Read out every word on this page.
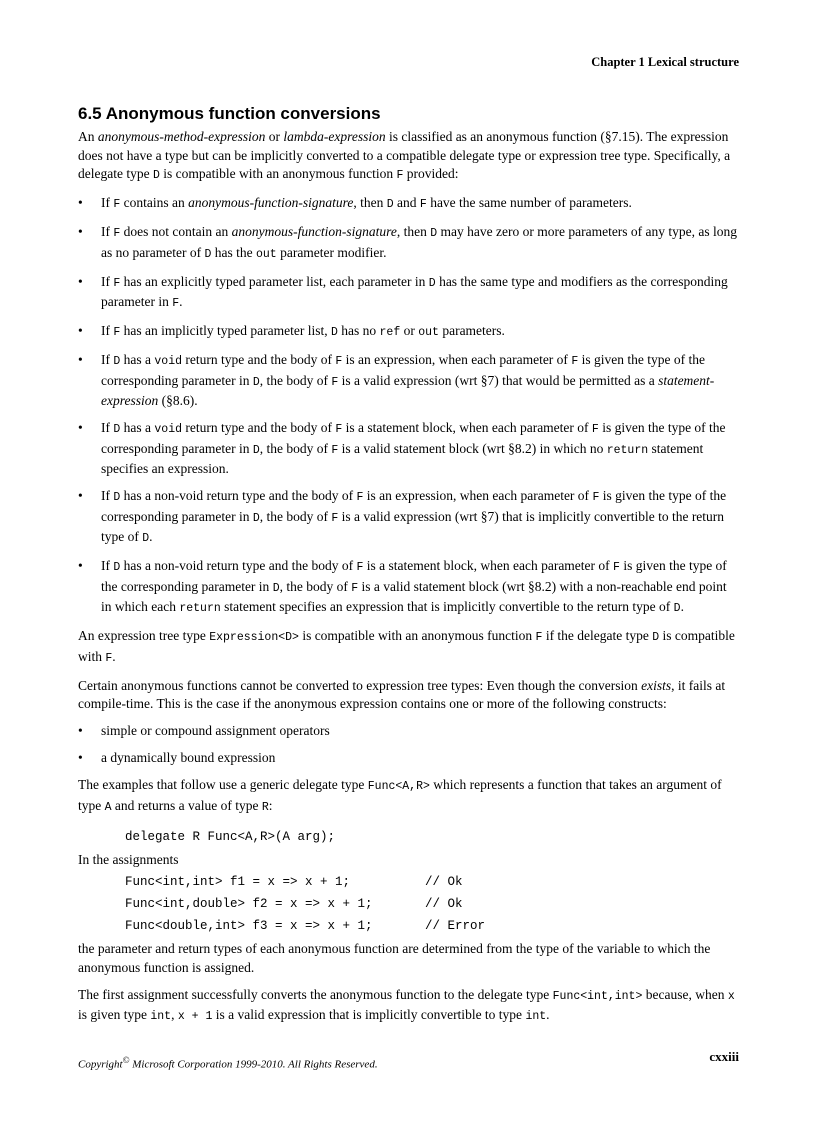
Chapter 1 Lexical structure
6.5 Anonymous function conversions

An anonymous-method-expression or lambda-expression is classified as an anonymous function (§7.15). The expression does not have a type but can be implicitly converted to a compatible delegate type or expression tree type. Specifically, a delegate type D is compatible with an anonymous function F provided:

• If F contains an anonymous-function-signature, then D and F have the same number of parameters.
• If F does not contain an anonymous-function-signature, then D may have zero or more parameters of any type, as long as no parameter of D has the out parameter modifier.
• If F has an explicitly typed parameter list, each parameter in D has the same type and modifiers as the corresponding parameter in F.
• If F has an implicitly typed parameter list, D has no ref or out parameters.
• If D has a void return type and the body of F is an expression, when each parameter of F is given the type of the corresponding parameter in D, the body of F is a valid expression (wrt §7) that would be permitted as a statement-expression (§8.6).
• If D has a void return type and the body of F is a statement block, when each parameter of F is given the type of the corresponding parameter in D, the body of F is a valid statement block (wrt §8.2) in which no return statement specifies an expression.
• If D has a non-void return type and the body of F is an expression, when each parameter of F is given the type of the corresponding parameter in D, the body of F is a valid expression (wrt §7) that is implicitly convertible to the return type of D.
• If D has a non-void return type and the body of F is a statement block, when each parameter of F is given the type of the corresponding parameter in D, the body of F is a valid statement block (wrt §8.2) with a non-reachable end point in which each return statement specifies an expression that is implicitly convertible to the return type of D.

An expression tree type Expression<D> is compatible with an anonymous function F if the delegate type D is compatible with F.

Certain anonymous functions cannot be converted to expression tree types: Even though the conversion exists, it fails at compile-time. This is the case if the anonymous expression contains one or more of the following constructs:

• simple or compound assignment operators
• a dynamically bound expression

The examples that follow use a generic delegate type Func<A,R> which represents a function that takes an argument of type A and returns a value of type R:

delegate R Func<A,R>(A arg);

In the assignments

Func<int,int> f1 = x => x + 1;          // Ok
Func<int,double> f2 = x => x + 1;       // Ok
Func<double,int> f3 = x => x + 1;       // Error

the parameter and return types of each anonymous function are determined from the type of the variable to which the anonymous function is assigned.

The first assignment successfully converts the anonymous function to the delegate type Func<int,int> because, when x is given type int, x + 1 is a valid expression that is implicitly convertible to type int.

Copyright© Microsoft Corporation 1999-2010. All Rights Reserved.
cxxiii
